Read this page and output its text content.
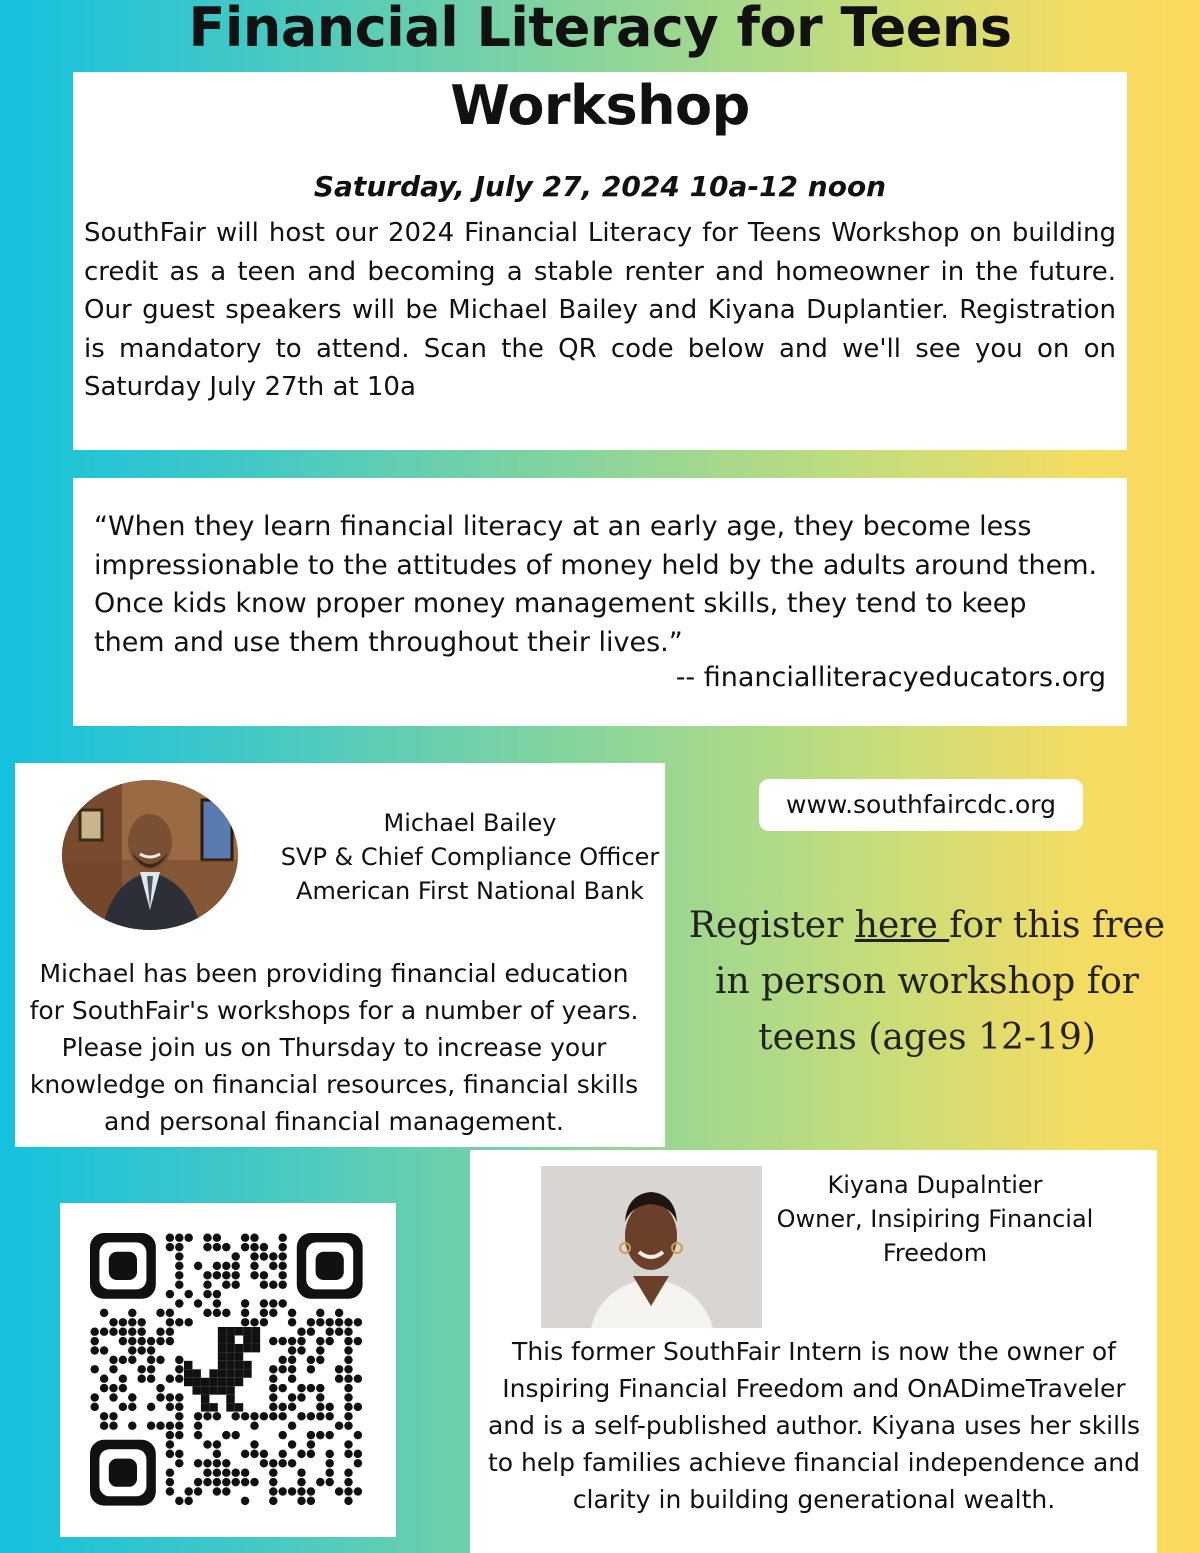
Financial Literacy for Teens
Workshop
Saturday, July 27, 2024 10a-12 noon
SouthFair will host our 2024 Financial Literacy for Teens Workshop on building credit as a teen and becoming a stable renter and homeowner in the future. Our guest speakers will be Michael Bailey and Kiyana Duplantier. Registration is mandatory to attend. Scan the QR code below and we'll see you on on Saturday July 27th at 10a
“When they learn financial literacy at an early age, they become less impressionable to the attitudes of money held by the adults around them. Once kids know proper money management skills, they tend to keep them and use them throughout their lives.”
-- financialliteracyeducators.org
Michael Bailey
SVP & Chief Compliance Officer
American First National Bank
Michael has been providing financial education for SouthFair's workshops for a number of years. Please join us on Thursday to increase your knowledge on financial resources, financial skills and personal financial management.
www.southfaircdc.org
Register here for this free in person workshop for teens (ages 12-19)
Kiyana Dupalntier
Owner, Insipiring Financial Freedom
This former SouthFair Intern is now the owner of Inspiring Financial Freedom and OnADimeTraveler and is a self-published author. Kiyana uses her skills to help families achieve financial independence and clarity in building generational wealth.
